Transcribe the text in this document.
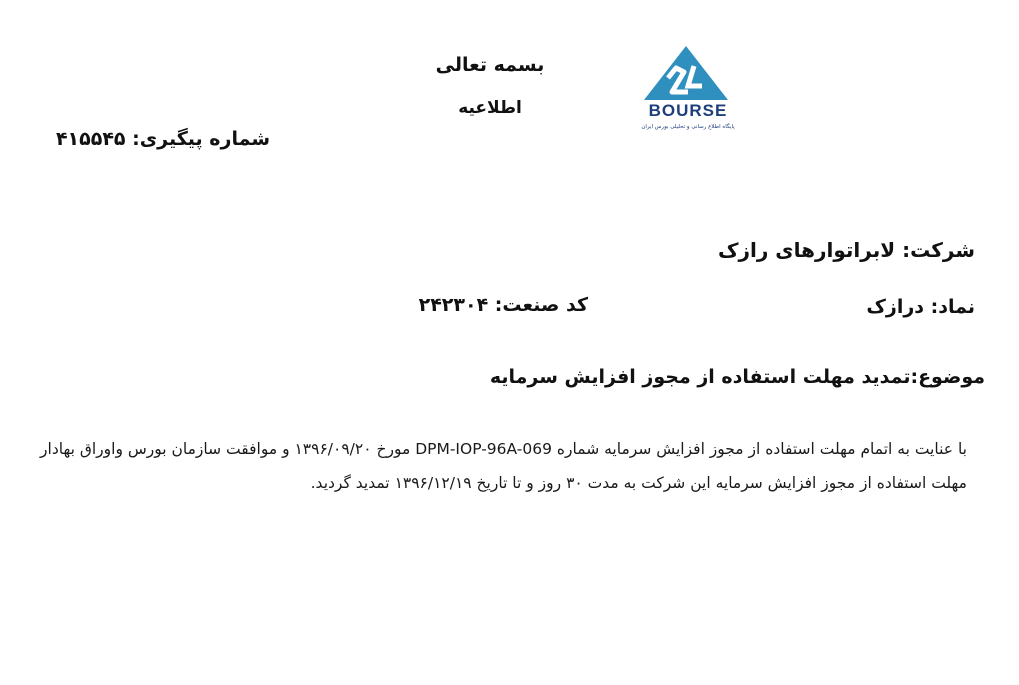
BOURSE
پایگاه اطلاع رسانی و تحلیلی بورس ایران
بسمه تعالی
اطلاعیه
شماره پیگیری: ۴۱۵۵۴۵
شرکت: لابراتوارهای رازک
نماد: درازک
کد صنعت: ۲۴۲۳۰۴
موضوع:تمدید مهلت استفاده از مجوز افزایش سرمایه
با عنایت به اتمام مهلت استفاده از مجوز افزایش سرمایه شماره DPM-IOP-96A-069 مورخ ۱۳۹۶/۰۹/۲۰ و موافقت سازمان بورس واوراق بهادار
مهلت استفاده از مجوز افزایش سرمایه این شرکت به مدت ۳۰ روز و تا تاریخ ۱۳۹۶/۱۲/۱۹ تمدید گردید.
